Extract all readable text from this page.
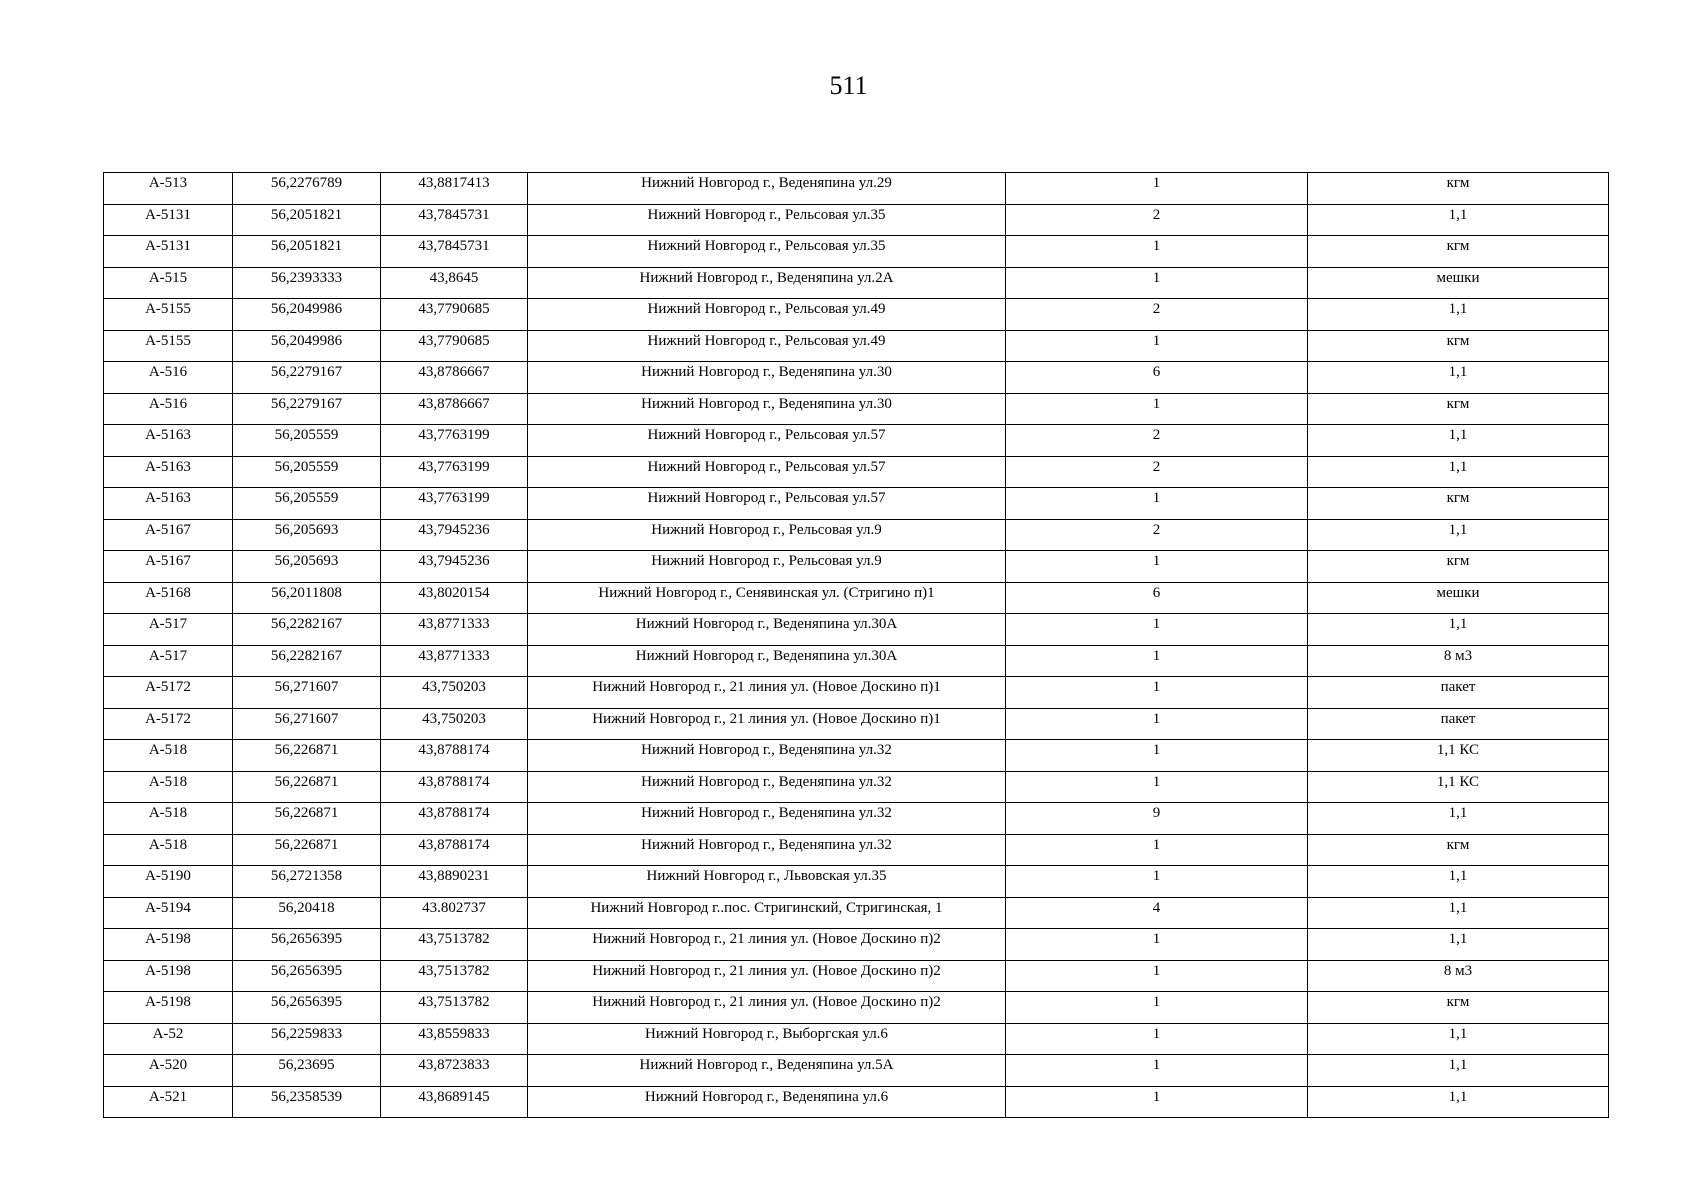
511
А-513	56,2276789	43,8817413	Нижний Новгород г., Веденяпина ул.29	1	кгм
А-5131	56,2051821	43,7845731	Нижний Новгород г., Рельсовая ул.35	2	1,1
А-5131	56,2051821	43,7845731	Нижний Новгород г., Рельсовая ул.35	1	кгм
А-515	56,2393333	43,8645	Нижний Новгород г., Веденяпина ул.2А	1	мешки
А-5155	56,2049986	43,7790685	Нижний Новгород г., Рельсовая ул.49	2	1,1
А-5155	56,2049986	43,7790685	Нижний Новгород г., Рельсовая ул.49	1	кгм
А-516	56,2279167	43,8786667	Нижний Новгород г., Веденяпина ул.30	6	1,1
А-516	56,2279167	43,8786667	Нижний Новгород г., Веденяпина ул.30	1	кгм
А-5163	56,205559	43,7763199	Нижний Новгород г., Рельсовая ул.57	2	1,1
А-5163	56,205559	43,7763199	Нижний Новгород г., Рельсовая ул.57	2	1,1
А-5163	56,205559	43,7763199	Нижний Новгород г., Рельсовая ул.57	1	кгм
А-5167	56,205693	43,7945236	Нижний Новгород г., Рельсовая ул.9	2	1,1
А-5167	56,205693	43,7945236	Нижний Новгород г., Рельсовая ул.9	1	кгм
А-5168	56,2011808	43,8020154	Нижний Новгород г., Сенявинская ул. (Стригино п)1	6	мешки
А-517	56,2282167	43,8771333	Нижний Новгород г., Веденяпина ул.30А	1	1,1
А-517	56,2282167	43,8771333	Нижний Новгород г., Веденяпина ул.30А	1	8 м3
А-5172	56,271607	43,750203	Нижний Новгород г., 21 линия ул. (Новое Доскино п)1	1	пакет
А-5172	56,271607	43,750203	Нижний Новгород г., 21 линия ул. (Новое Доскино п)1	1	пакет
А-518	56,226871	43,8788174	Нижний Новгород г., Веденяпина ул.32	1	1,1 КС
А-518	56,226871	43,8788174	Нижний Новгород г., Веденяпина ул.32	1	1,1 КС
А-518	56,226871	43,8788174	Нижний Новгород г., Веденяпина ул.32	9	1,1
А-518	56,226871	43,8788174	Нижний Новгород г., Веденяпина ул.32	1	кгм
А-5190	56,2721358	43,8890231	Нижний Новгород г., Львовская ул.35	1	1,1
А-5194	56,20418	43.802737	Нижний Новгород г..пос. Стригинский, Стригинская, 1	4	1,1
А-5198	56,2656395	43,7513782	Нижний Новгород г., 21 линия ул. (Новое Доскино п)2	1	1,1
А-5198	56,2656395	43,7513782	Нижний Новгород г., 21 линия ул. (Новое Доскино п)2	1	8 м3
А-5198	56,2656395	43,7513782	Нижний Новгород г., 21 линия ул. (Новое Доскино п)2	1	кгм
А-52	56,2259833	43,8559833	Нижний Новгород г., Выборгская ул.6	1	1,1
А-520	56,23695	43,8723833	Нижний Новгород г., Веденяпина ул.5А	1	1,1
А-521	56,2358539	43,8689145	Нижний Новгород г., Веденяпина ул.6	1	1,1
